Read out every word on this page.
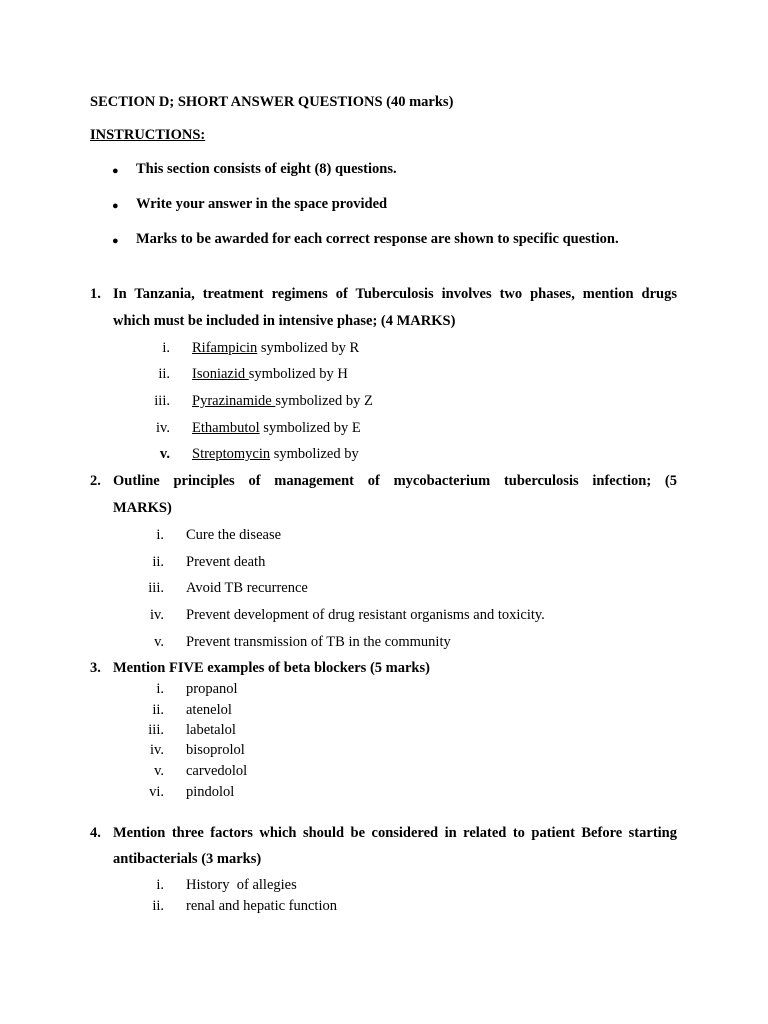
SECTION D; SHORT ANSWER QUESTIONS (40 marks)
INSTRUCTIONS:
● This section consists of eight (8) questions.
● Write your answer in the space provided
● Marks to be awarded for each correct response are shown to specific question.
1. In Tanzania, treatment regimens of Tuberculosis involves two phases, mention drugs
which must be included in intensive phase; (4 MARKS)
i. Rifampicin symbolized by R
ii. Isoniazid symbolized by H
iii. Pyrazinamide symbolized by Z
iv. Ethambutol symbolized by E
v. Streptomycin symbolized by
2. Outline principles of management of mycobacterium tuberculosis infection; (5
MARKS)
i. Cure the disease
ii. Prevent death
iii. Avoid TB recurrence
iv. Prevent development of drug resistant organisms and toxicity.
v. Prevent transmission of TB in the community
3. Mention FIVE examples of beta blockers (5 marks)
i. propanol
ii. atenelol
iii. labetalol
iv. bisoprolol
v. carvedolol
vi. pindolol
4. Mention three factors which should be considered in related to patient Before starting
antibacterials (3 marks)
i. History  of allegies
ii. renal and hepatic function
